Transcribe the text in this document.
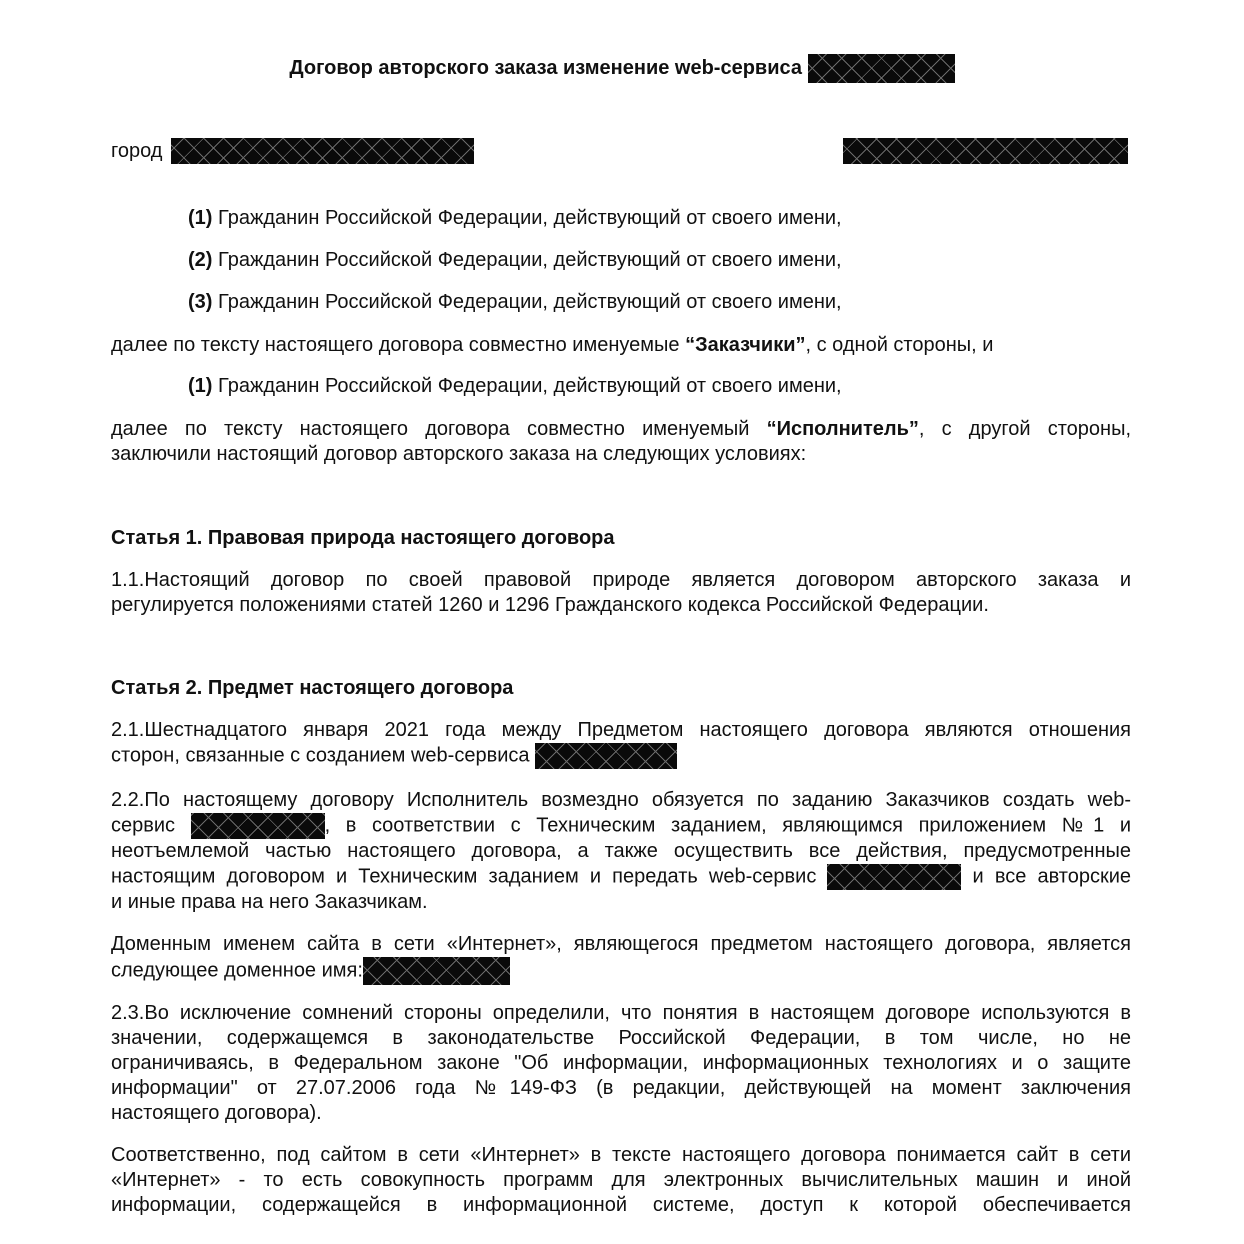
Договор авторского заказа изменение web-сервиса
город
(1) Гражданин Российской Федерации, действующий от своего имени,
(2) Гражданин Российской Федерации, действующий от своего имени,
(3) Гражданин Российской Федерации, действующий от своего имени,
далее по тексту настоящего договора совместно именуемые “Заказчики”, с одной стороны, и
(1) Гражданин Российской Федерации, действующий от своего имени,
далее по тексту настоящего договора совместно именуемый “Исполнитель”, с другой стороны,
заключили настоящий договор авторского заказа на следующих условиях:
Статья 1. Правовая природа настоящего договора
1.1.Настоящий договор по своей правовой природе является договором авторского заказа и
регулируется положениями статей 1260 и 1296 Гражданского кодекса Российской Федерации.
Статья 2. Предмет настоящего договора
2.1.Шестнадцатого января 2021 года между Предметом настоящего договора являются отношения
сторон, связанные с созданием web-сервиса
2.2.По настоящему договору Исполнитель возмездно обязуется по заданию Заказчиков создать web-
сервис	, в соответствии с Техническим заданием, являющимся приложением №1 и
неотъемлемой частью настоящего договора, а также осуществить все действия, предусмотренные
настоящим договором и Техническим заданием и передать web-сервис	и все авторские
и иные права на него Заказчикам.
Доменным именем сайта в сети «Интернет», являющегося предметом настоящего договора, является
следующее доменное имя:
2.3.Во исключение сомнений стороны определили, что понятия в настоящем договоре используются в
значении, содержащемся в законодательстве Российской Федерации, в том числе, но не
ограничиваясь, в Федеральном законе "Об информации, информационных технологиях и о защите
информации" от 27.07.2006 года №149-ФЗ (в редакции, действующей на момент заключения
настоящего договора).
Соответственно, под сайтом в сети «Интернет» в тексте настоящего договора понимается сайт в сети
«Интернет» - то есть совокупность программ для электронных вычислительных машин и иной
информации, содержащейся в информационной системе, доступ к которой обеспечивается
